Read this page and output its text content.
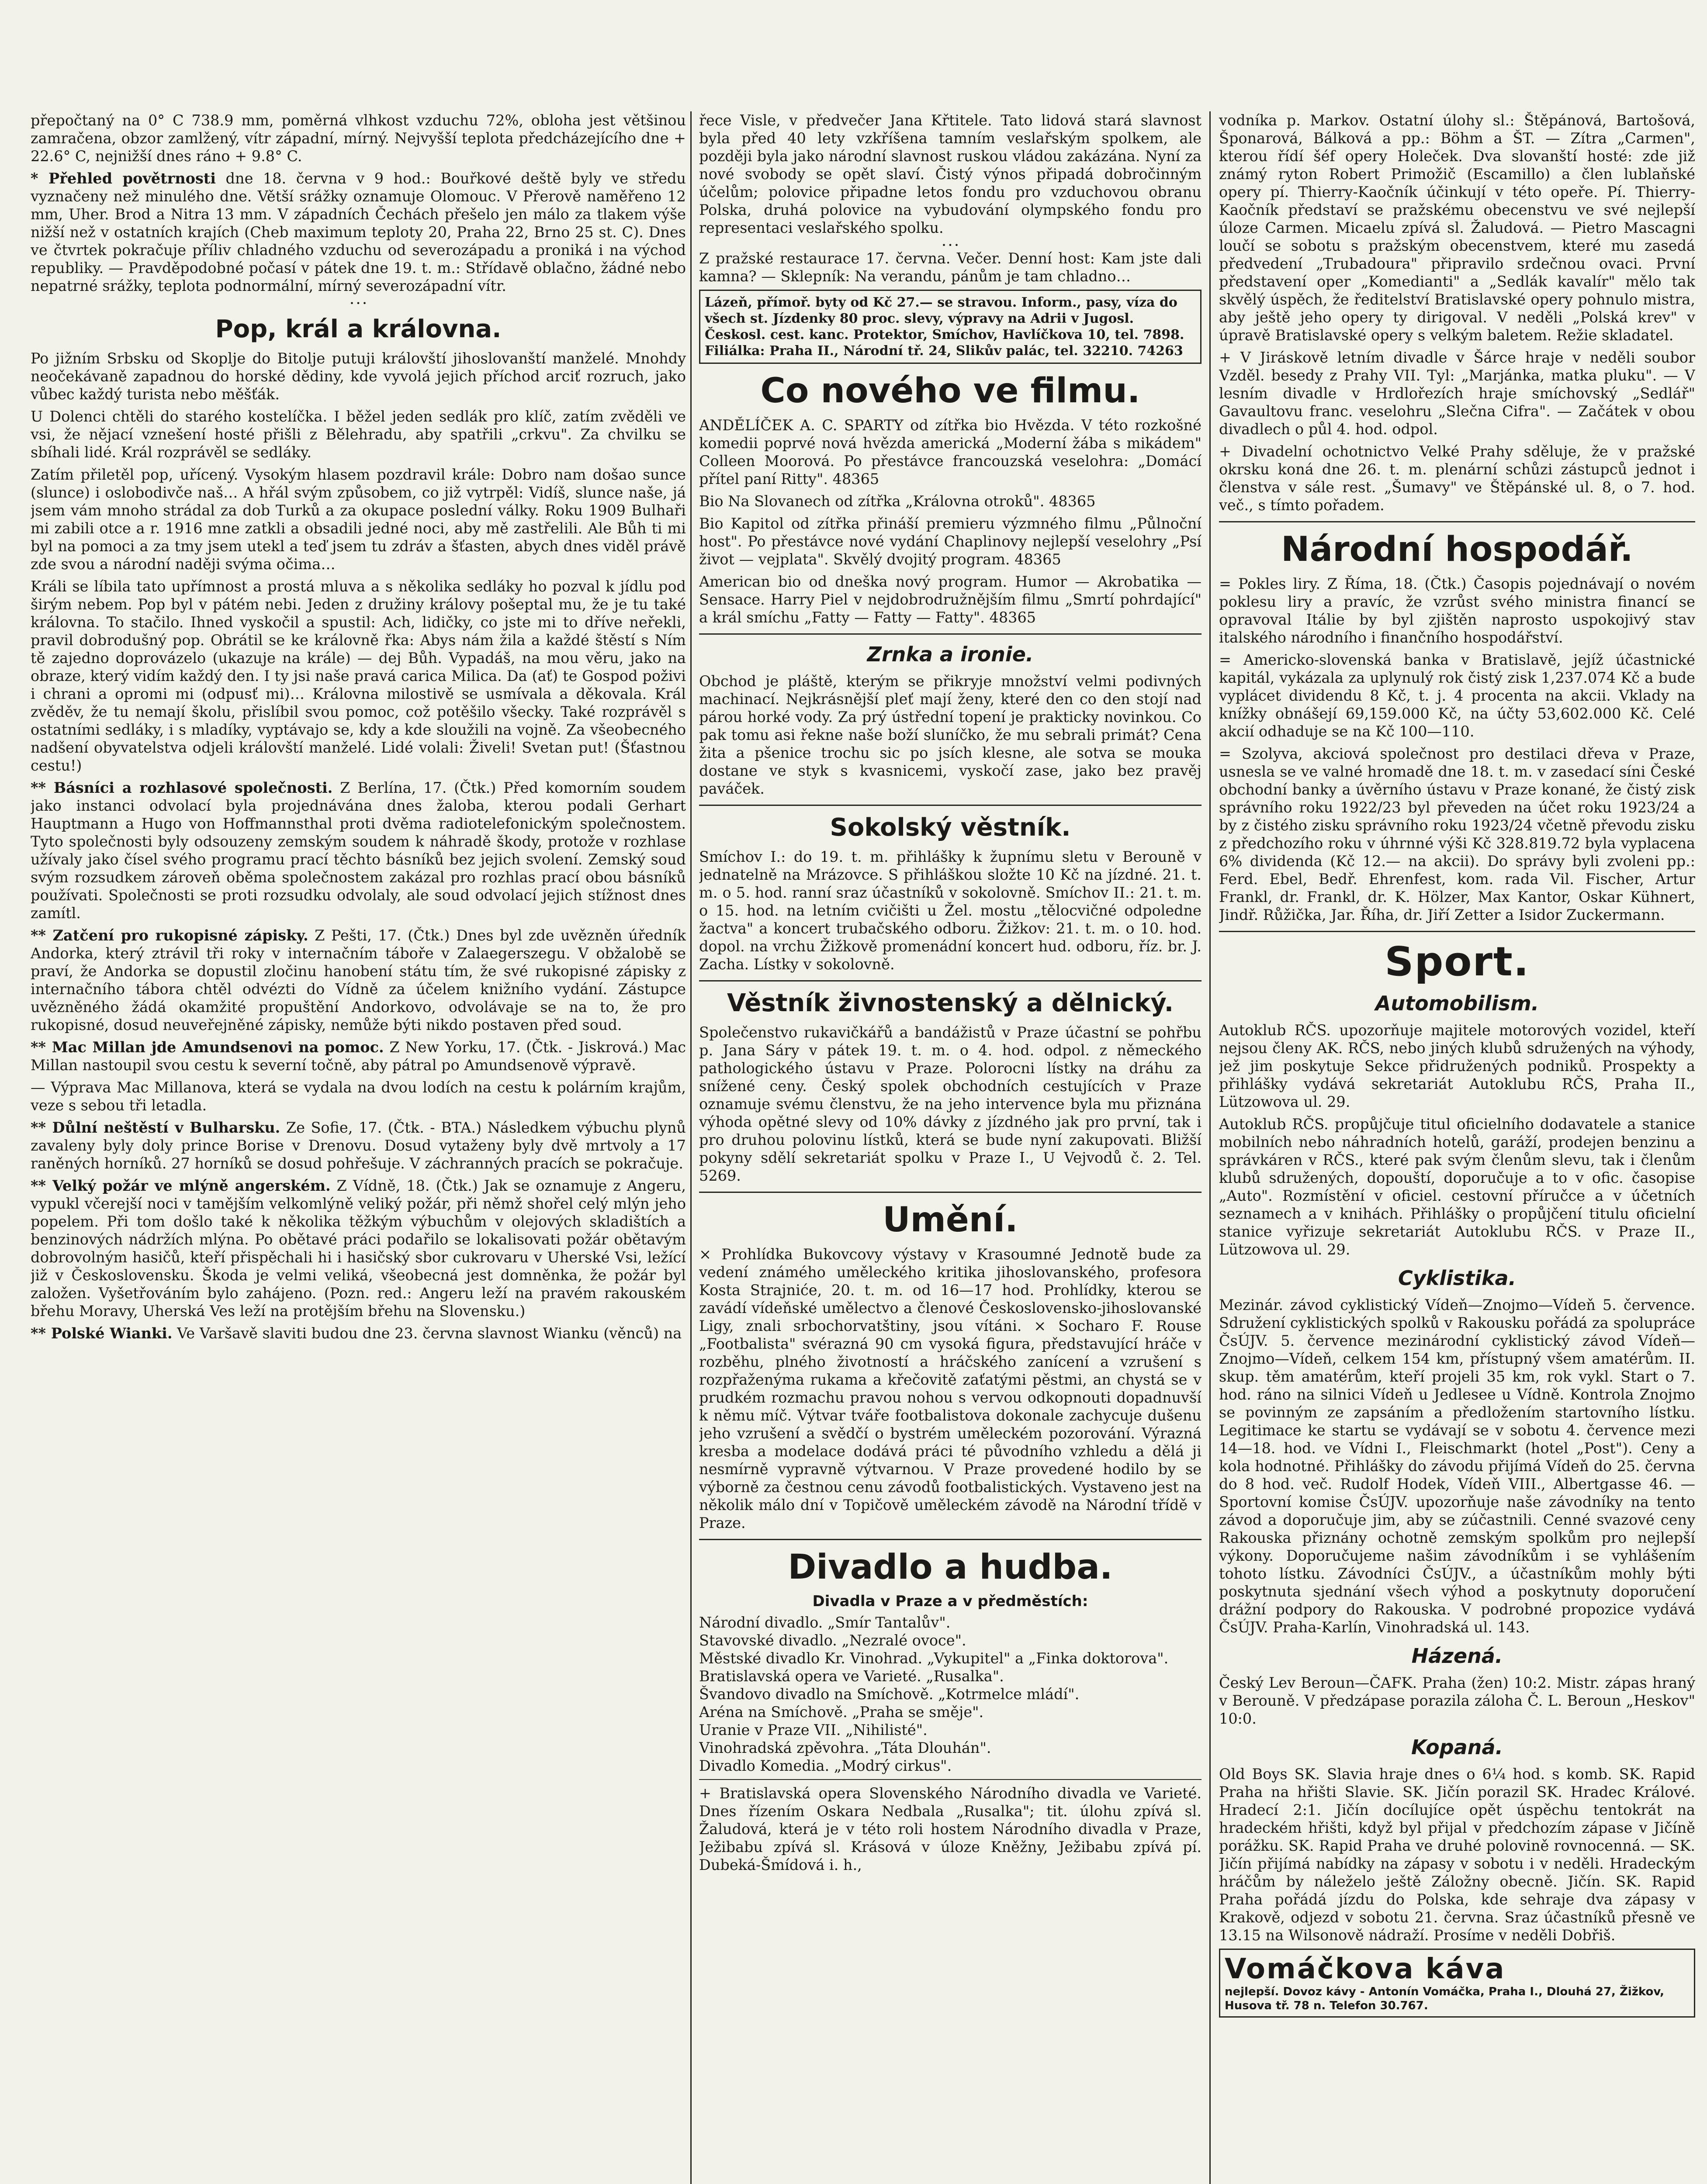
přepočtaný na 0° C 738.9 mm, poměrná vlhkost vzduchu 72%, obloha jest většinou zamračena, obzor zamlžený, vítr západní, mírný. Nejvyšší teplota předcházejícího dne + 22.6° C, nejnižší dnes ráno + 9.8° C.

* Přehled povětrnosti dne 18. června v 9 hod.: Bouřkové deště byly ve středu vyznačeny než minulého dne. Větší srážky oznamuje Olomouc. V Přerově naměřeno 12 mm, Uher. Brod a Nitra 13 mm. V západních Čechách přešelo jen málo za tlakem výše nižší než v ostatních krajích (Cheb maximum teploty 20, Praha 22, Brno 25 st. C). Dnes ve čtvrtek pokračuje příliv chladného vzduchu od severozápadu a proniká i na východ republiky. — Pravděpodobné počasí v pátek dne 19. t. m.: Střídavě oblačno, žádné nebo nepatrné srážky, teplota podnormální, mírný severozápadní vítr.

• • •
Pop, král a královna.

Po jižním Srbsku od Skoplje do Bitolje putuji královští jihoslovanští manželé. Mnohdy neočekávaně zapadnou do horské dědiny, kde vyvolá jejich příchod arciť rozruch, jako vůbec každý turista nebo měšťák.

U Dolenci chtěli do starého kostelíčka. I běžel jeden sedlák pro klíč, zatím zvěděli ve vsi, že nějací vznešení hosté přišli z Bělehradu, aby spatřili „crkvu". Za chvilku se sbíhali lidé. Král rozprávěl se sedláky.

Zatím přiletěl pop, uřícený. Vysokým hlasem pozdravil krále: Dobro nam došao sunce (slunce) i oslobodivče naš… A hřál svým způsobem, co již vytrpěl: Vidíš, slunce naše, já jsem vám mnoho strádal za dob Turků a za okupace poslední války. Roku 1909 Bulhaři mi zabili otce a r. 1916 mne zatkli a obsadili jedné noci, aby mě zastřelili. Ale Bůh ti mi byl na pomoci a za tmy jsem utekl a teď jsem tu zdráv a šťasten, abych dnes viděl právě zde svou a národní naději svýma očima…

Králi se líbila tato upřímnost a prostá mluva a s několika sedláky ho pozval k jídlu pod širým nebem. Pop byl v pátém nebi. Jeden z družiny královy pošeptal mu, že je tu také královna. To stačilo. Ihned vyskočil a spustil: Ach, lidičky, co jste mi to dříve neřekli, pravil dobrodušný pop. Obrátil se ke královně řka: Abys nám žila a každé štěstí s Ním tě zajedno doprovázelo (ukazuje na krále) — dej Bůh. Vypadáš, na mou věru, jako na obraze, který vidím každý den. I ty jsi naše pravá carica Milica. Da (ať) te Gospod poživi i chrani a opromi mi (odpusť mi)… Královna milostivě se usmívala a děkovala. Král zvěděv, že tu nemají školu, přislíbil svou pomoc, což potěšilo všecky. Také rozprávěl s ostatními sedláky, i s mladíky, vyptávajo se, kdy a kde sloužili na vojně. Za všeobecného nadšení obyvatelstva odjeli královští manželé. Lidé volali: Živeli! Svetan put! (Šťastnou cestu!)

** Básníci a rozhlasové společnosti. Z Berlína, 17. (Čtk.) Před komorním soudem jako instanci odvolací byla projednávána dnes žaloba, kterou podali Gerhart Hauptmann a Hugo von Hoffmannsthal proti dvěma radiotelefonickým společnostem. Tyto společnosti byly odsouzeny zemským soudem k náhradě škody, protože v rozhlase užívaly jako čísel svého programu prací těchto básníků bez jejich svolení. Zemský soud svým rozsudkem zároveň oběma společnostem zakázal pro rozhlas prací obou básníků používati. Společnosti se proti rozsudku odvolaly, ale soud odvolací jejich stížnost dnes zamítl.

** Zatčení pro rukopisné zápisky. Z Pešti, 17. (Čtk.) Dnes byl zde uvězněn úředník Andorka, který ztrávil tři roky v internačním táboře v Zalaegerszegu. V obžalobě se praví, že Andorka se dopustil zločinu hanobení státu tím, že své rukopisné zápisky z internačního tábora chtěl odvézti do Vídně za účelem knižního vydání. Zástupce uvězněného žádá okamžité propuštění Andorkovo, odvolávaje se na to, že pro rukopisné, dosud neuveřejněné zápisky, nemůže býti nikdo postaven před soud.

** Mac Millan jde Amundsenovi na pomoc. Z New Yorku, 17. (Čtk. - Jiskrová.) Mac Millan nastoupil svou cestu k severní točně, aby pátral po Amundsenově výpravě.

— Výprava Mac Millanova, která se vydala na dvou lodích na cestu k polárním krajům, veze s sebou tři letadla.

** Důlní neštěstí v Bulharsku. Ze Sofie, 17. (Čtk. - BTA.) Následkem výbuchu plynů zavaleny byly doly prince Borise v Drenovu. Dosud vytaženy byly dvě mrtvoly a 17 raněných horníků. 27 horníků se dosud pohřešuje. V záchranných pracích se pokračuje.

** Velký požár ve mlýně angerském. Z Vídně, 18. (Čtk.) Jak se oznamuje z Angeru, vypukl včerejší noci v tamějším velkomlýně veliký požár, při němž shořel celý mlýn jeho popelem. Při tom došlo také k několika těžkým výbuchům v olejových skladištích a benzinových nádržích mlýna. Po obětavé práci podařilo se lokalisovati požár obětavým dobrovolným hasičů, kteří přispěchali hi i hasičský sbor cukrovaru v Uherské Vsi, ležící již v Československu. Škoda je velmi veliká, všeobecná jest domněnka, že požár byl založen. Vyšetřováním bylo zahájeno. (Pozn. red.: Angeru leží na pravém rakouském břehu Moravy, Uherská Ves leží na protějším břehu na Slovensku.)

** Polské Wianki. Ve Varšavě slaviti budou dne 23. června slavnost Wianku (věnců) na

řece Visle, v předvečer Jana Křtitele. Tato lidová stará slavnost byla před 40 lety vzkříšena tamním veslařským spolkem, ale později byla jako národní slavnost ruskou vládou zakázána. Nyní za nové svobody se opět slaví. Čistý výnos připadá dobročinným účelům; polovice připadne letos fondu pro vzduchovou obranu Polska, druhá polovice na vybudování olympského fondu pro representaci veslařského spolku.

• • •

Z pražské restaurace 17. června. Večer. Denní host: Kam jste dali kamna? — Sklepník: Na verandu, pánům je tam chladno…

Lázeň, přímoř. byty od Kč 27.— se stravou. Inform., pasy, víza do všech st. Jízdenky 80 proc. slevy, výpravy na Adrii v Jugosl. Českosl. cest. kanc. Protektor, Smíchov, Havlíčkova 10, tel. 7898. Filiálka: Praha II., Národní tř. 24, Slikův palác, tel. 32210. 74263
Co nového ve filmu.

ANDĚLÍČEK A. C. SPARTY od zítřka bio Hvězda. V této rozkošné komedii poprvé nová hvězda americká „Moderní žába s mikádem" Colleen Moorová. Po přestávce francouzská veselohra: „Domácí přítel paní Ritty". 48365

Bio Na Slovanech od zítřka „Královna otroků". 48365

Bio Kapitol od zítřka přináší premieru výzmného filmu „Půlnoční host". Po přestávce nové vydání Chaplinovy nejlepší veselohry „Psí život — vejplata". Skvělý dvojitý program. 48365

American bio od dneška nový program. Humor — Akrobatika — Sensace. Harry Piel v nejdobrodružnějším filmu „Smrtí pohrdající" a král smíchu „Fatty — Fatty — Fatty". 48365

Zrnka a ironie.

Obchod je pláště, kterým se přikryje množství velmi podivných machinací. Nejkrásnější pleť mají ženy, které den co den stojí nad párou horké vody. Za prý ústřední topení je prakticky novinkou. Co pak tomu asi řekne naše boží sluníčko, že mu sebrali primát? Cena žita a pšenice trochu sic po jsích klesne, ale sotva se mouka dostane ve styk s kvasnicemi, vyskočí zase, jako bez pravěj paváček.

Sokolský věstník.

Smíchov I.: do 19. t. m. přihlášky k župnímu sletu v Berouně v jednatelně na Mrázovce. S přihláškou složte 10 Kč na jízdné. 21. t. m. o 5. hod. ranní sraz účastníků v sokolovně. Smíchov II.: 21. t. m. o 15. hod. na letním cvičišti u Žel. mostu „tělocvičné odpoledne žactva" a koncert trubačského odboru. Žižkov: 21. t. m. o 10. hod. dopol. na vrchu Žižkově promenádní koncert hud. odboru, říz. br. J. Zacha. Lístky v sokolovně.

Věstník živnostenský a dělnický.

Společenstvo rukavičkářů a bandážistů v Praze účastní se pohřbu p. Jana Sáry v pátek 19. t. m. o 4. hod. odpol. z německého pathologického ústavu v Praze. Polorocni lístky na dráhu za snížené ceny. Český spolek obchodních cestujících v Praze oznamuje svému členstvu, že na jeho intervence byla mu přiznána výhoda opětné slevy od 10% dávky z jízdného jak pro první, tak i pro druhou polovinu lístků, která se bude nyní zakupovati. Bližší pokyny sdělí sekretariát spolku v Praze I., U Vejvodů č. 2. Tel. 5269.

Umění.

× Prohlídka Bukovcovy výstavy v Krasoumné Jednotě bude za vedení známého uměleckého kritika jihoslovanského, profesora Kosta Strajniće, 20. t. m. od 16—17 hod. Prohlídky, kterou se zavádí vídeňské umělectvo a členové Československo-jihoslovanské Ligy, znali srbochorvatštiny, jsou vítáni. × Socharo F. Rouse „Footbalista" svérazná 90 cm vysoká figura, představující hráče v rozběhu, plného životností a hráčského zanícení a vzrušení s rozpřaženýma rukama a křečovitě zaťatými pěstmi, an chystá se v prudkém rozmachu pravou nohou s vervou odkopnouti dopadnuvší k němu míč. Výtvar tváře footbalistova dokonale zachycuje dušenu jeho vzrušení a svědčí o bystrém uměleckém pozorování. Výrazná kresba a modelace dodává práci té původního vzhledu a dělá ji nesmírně vypravně výtvarnou. V Praze provedené hodilo by se výborně za čestnou cenu závodů footbalistických. Vystaveno jest na několik málo dní v Topičově uměleckém závodě na Národní třídě v Praze.

Divadlo a hudba.
Divadla v Praze a v předměstích:
Národní divadlo. „Smír Tantalův".
Stavovské divadlo. „Nezralé ovoce".
Městské divadlo Kr. Vinohrad. „Vykupitel" a „Finka doktorova".
Bratislavská opera ve Varieté. „Rusalka".
Švandovo divadlo na Smíchově. „Kotrmelce mládí".
Aréna na Smíchově. „Praha se směje".
Uranie v Praze VII. „Nihilisté".
Vinohradská zpěvohra. „Táta Dlouhán".
Divadlo Komedia. „Modrý cirkus".

+ Bratislavská opera Slovenského Národního divadla ve Varieté. Dnes řízením Oskara Nedbala „Rusalka"; tit. úlohu zpívá sl. Žaludová, která je v této roli hostem Národního divadla v Praze, Ježibabu zpívá sl. Krásová v úloze Kněžny, Ježibabu zpívá pí. Dubeká-Šmídová i. h.,

vodníka p. Markov. Ostatní úlohy sl.: Štěpánová, Bartošová, Šponarová, Bálková a pp.: Böhm a ŠT. — Zítra „Carmen", kterou řídí šéf opery Holeček. Dva slovanští hosté: zde již známý ryton Robert Primožič (Escamillo) a člen lublaňské opery pí. Thierry-Kaočník účinkují v této opeře. Pí. Thierry-Kaočník představí se pražskému obecenstvu ve své nejlepší úloze Carmen. Micaelu zpívá sl. Žaludová. — Pietro Mascagni loučí se sobotu s pražským obecenstvem, které mu zasedá předvedení „Trubadoura" připravilo srdečnou ovaci. První představení oper „Komedianti" a „Sedlák kavalír" mělo tak skvělý úspěch, že ředitelství Bratislavské opery pohnulo mistra, aby ještě jeho opery ty dirigoval. V neděli „Polská krev" v úpravě Bratislavské opery s velkým baletem. Režie skladatel.

+ V Jiráskově letním divadle v Šárce hraje v neděli soubor Vzděl. besedy z Prahy VII. Tyl: „Marjánka, matka pluku". — V lesním divadle v Hrdlořezích hraje smíchovský „Sedlář" Gavaultovu franc. veselohru „Slečna Cifra". — Začátek v obou divadlech o půl 4. hod. odpol.

+ Divadelní ochotnictvo Velké Prahy sděluje, že v pražské okrsku koná dne 26. t. m. plenární schůzi zástupců jednot i členstva v sále rest. „Šumavy" ve Štěpánské ul. 8, o 7. hod. več., s tímto pořadem.

Národní hospodář.

= Pokles liry. Z Říma, 18. (Čtk.) Časopis pojednávají o novém poklesu liry a pravíc, že vzrůst svého ministra financí se opravoval Itálie by byl zjištěn naprosto uspokojivý stav italského národního i finančního hospodářství.

= Americko-slovenská banka v Bratislavě, jejíž účastnické kapitál, vykázala za uplynulý rok čistý zisk 1,237.074 Kč a bude vyplácet dividendu 8 Kč, t. j. 4 procenta na akcii. Vklady na knížky obnášejí 69,159.000 Kč, na účty 53,602.000 Kč. Celé akcií odhaduje se na Kč 100—110.

= Szolyva, akciová společnost pro destilaci dřeva v Praze, usnesla se ve valné hromadě dne 18. t. m. v zasedací síni České obchodní banky a úvěrního ústavu v Praze konané, že čistý zisk správního roku 1922/23 byl převeden na účet roku 1923/24 a by z čistého zisku správního roku 1923/24 včetně převodu zisku z předchozího roku v úhrnné výši Kč 328.819.72 byla vyplacena 6% dividenda (Kč 12.— na akcii). Do správy byli zvoleni pp.: Ferd. Ebel, Bedř. Ehrenfest, kom. rada Vil. Fischer, Artur Frankl, dr. Frankl, dr. K. Hölzer, Max Kantor, Oskar Kühnert, Jindř. Růžička, Jar. Říha, dr. Jiří Zetter a Isidor Zuckermann.

Sport.
Automobilism.

Autoklub RČS. upozorňuje majitele motorových vozidel, kteří nejsou členy AK. RČS, nebo jiných klubů sdružených na výhody, jež jim poskytuje Sekce přidružených podniků. Prospekty a přihlášky vydává sekretariát Autoklubu RČS, Praha II., Lützowova ul. 29.

Autoklub RČS. propůjčuje titul oficielního dodavatele a stanice mobilních nebo náhradních hotelů, garáží, prodejen benzinu a správkáren v RČS., které pak svým členům slevu, tak i členům klubů sdružených, dopouští, doporučuje a to v ofic. časopise „Auto". Rozmístění v oficiel. cestovní příručce a v účetních seznamech a v knihách. Přihlášky o propůjčení titulu oficielní stanice vyřizuje sekretariát Autoklubu RČS. v Praze II., Lützowova ul. 29.

Cyklistika.

Mezinár. závod cyklistický Vídeň—Znojmo—Vídeň 5. července. Sdružení cyklistických spolků v Rakousku pořádá za spolupráce ČsÚJV. 5. července mezinárodní cyklistický závod Vídeň—Znojmo—Vídeň, celkem 154 km, přístupný všem amatérům. II. skup. těm amatérům, kteří projeli 35 km, rok vykl. Start o 7. hod. ráno na silnici Vídeň u Jedlesee u Vídně. Kontrola Znojmo se povinným ze zapsáním a předložením startovního lístku. Legitimace ke startu se vydávají se v sobotu 4. července mezi 14—18. hod. ve Vídni I., Fleischmarkt (hotel „Post"). Ceny a kola hodnotné. Přihlášky do závodu přijímá Vídeň do 25. června do 8 hod. več. Rudolf Hodek, Vídeň VIII., Albertgasse 46. — Sportovní komise ČsÚJV. upozorňuje naše závodníky na tento závod a doporučuje jim, aby se zúčastnili. Cenné svazové ceny Rakouska přiznány ochotně zemským spolkům pro nejlepší výkony. Doporučujeme našim závodníkům i se vyhlášením tohoto lístku. Závodníci ČsÚJV., a účastníkům mohly býti poskytnuta sjednání všech výhod a poskytnuty doporučení drážní podpory do Rakouska. V podrobné propozice vydává ČsÚJV. Praha-Karlín, Vinohradská ul. 143.

Házená.

Český Lev Beroun—ČAFK. Praha (žen) 10:2. Mistr. zápas hraný v Berouně. V předzápase porazila záloha Č. L. Beroun „Heskov" 10:0.

Kopaná.

Old Boys SK. Slavia hraje dnes o 6¼ hod. s komb. SK. Rapid Praha na hřišti Slavie. SK. Jičín porazil SK. Hradec Králové. Hradecí 2:1. Jičín docílujíce opět úspěchu tentokrát na hradeckém hřišti, když byl přijal v předchozím zápase v Jičíně porážku. SK. Rapid Praha ve druhé polovině rovnocenná. — SK. Jičín přijímá nabídky na zápasy v sobotu i v neděli. Hradeckým hráčům by náleželo ještě Záložny obecně. Jičín. SK. Rapid Praha pořádá jízdu do Polska, kde sehraje dva zápasy v Krakově, odjezd v sobotu 21. června. Sraz účastníků přesně ve 13.15 na Wilsonově nádraží. Prosíme v neděli Dobřiš.

Vomáčkova káva
nejlepší. Dovoz kávy - Antonín Vomáčka, Praha I., Dlouhá 27, Žižkov, Husova tř. 78 n. Telefon 30.767.
